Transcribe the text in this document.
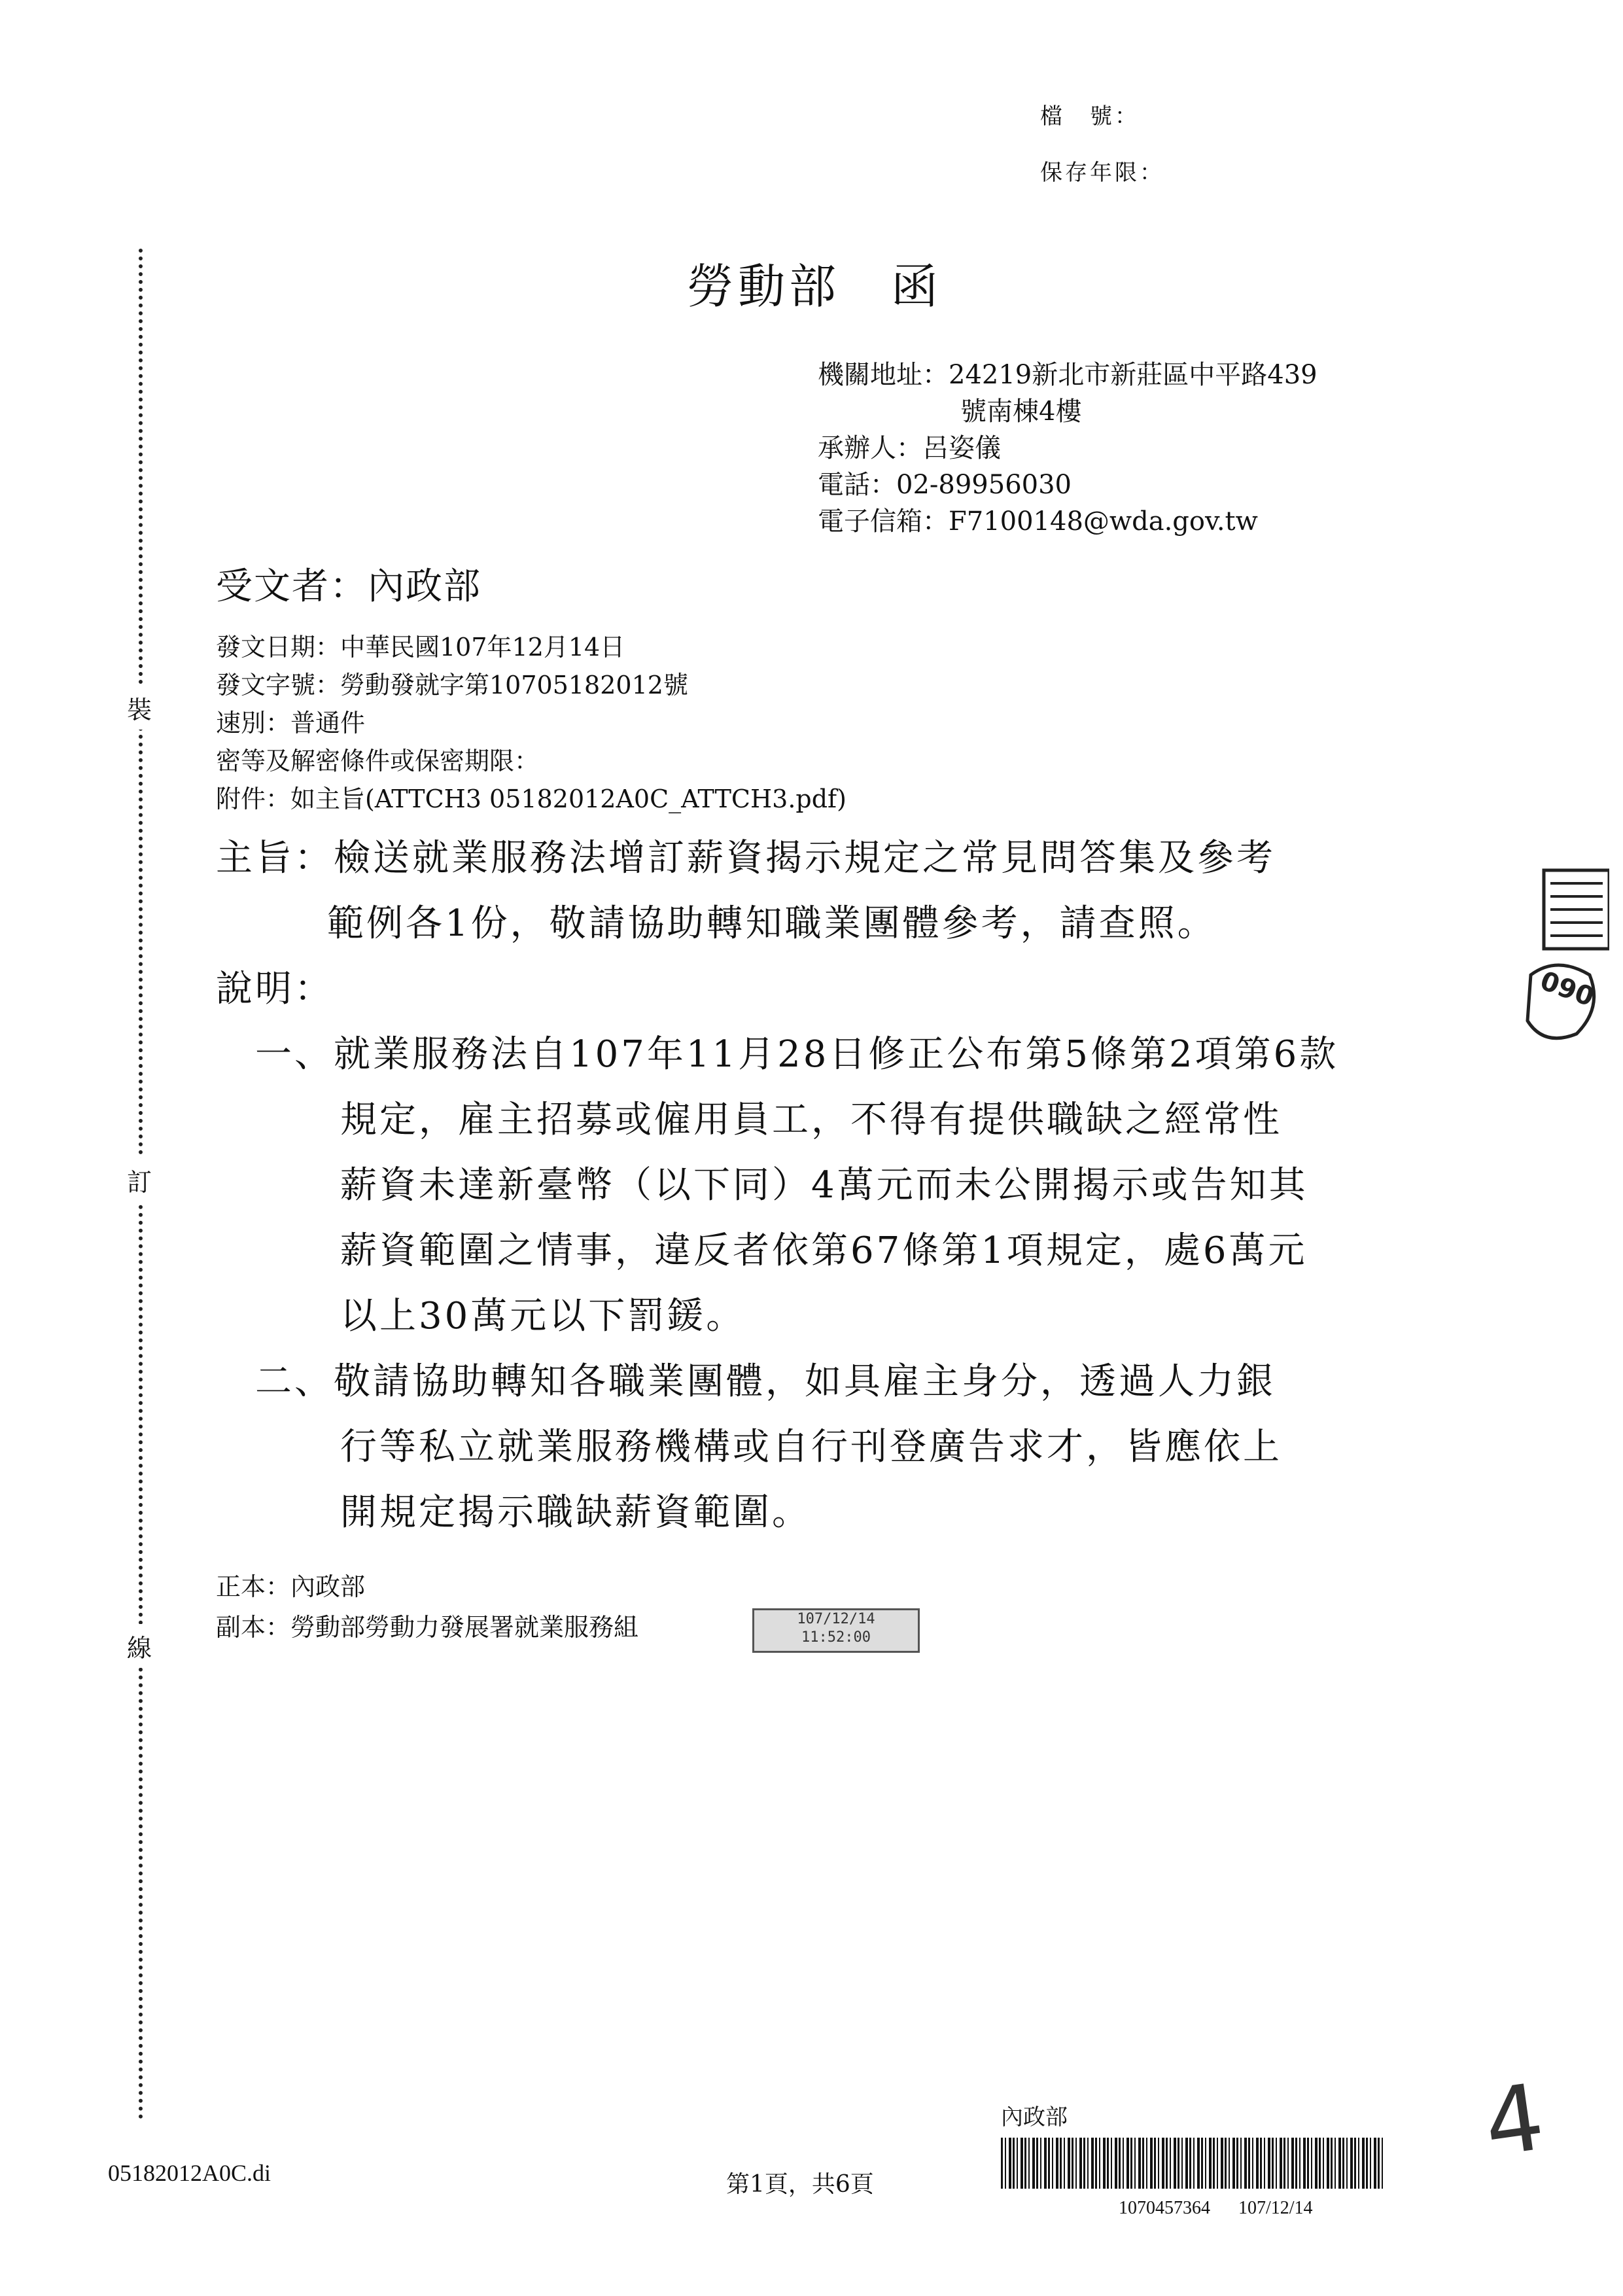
檔　號：
保存年限：
勞動部　函
機關地址：24219新北市新莊區中平路439
號南棟4樓
承辦人：呂姿儀
電話：02-89956030
電子信箱：F7100148@wda.gov.tw
受文者：內政部
發文日期：中華民國107年12月14日
發文字號：勞動發就字第10705182012號
速別：普通件
密等及解密條件或保密期限：
附件：如主旨(ATTCH3 05182012A0C_ATTCH3.pdf)
主旨：檢送就業服務法增訂薪資揭示規定之常見問答集及參考
範例各1份，敬請協助轉知職業團體參考，請查照。
說明：
一、就業服務法自107年11月28日修正公布第5條第2項第6款
規定，雇主招募或僱用員工，不得有提供職缺之經常性
薪資未達新臺幣（以下同）4萬元而未公開揭示或告知其
薪資範圍之情事，違反者依第67條第1項規定，處6萬元
以上30萬元以下罰鍰。
二、敬請協助轉知各職業團體，如具雇主身分，透過人力銀
行等私立就業服務機構或自行刊登廣告求才，皆應依上
開規定揭示職缺薪資範圍。
正本：內政部
副本：勞動部勞動力發展署就業服務組	107/12/14
11:52:00
裝
訂
線
090
05182012A0C.di	第1頁，共6頁
內政部
1070457364 107/12/14
4
